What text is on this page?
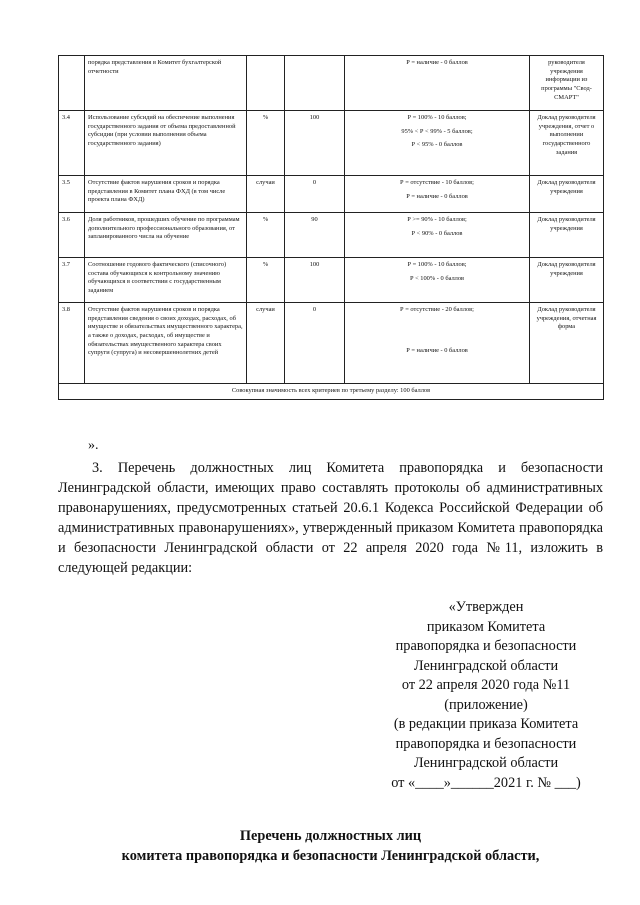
	порядка представления в Комитет бухгалтерской отчетности			Р = наличие - 0 баллов	руководителя учреждения информации из программы "Свод-СМАРТ"
3.4	Использование субсидий на обеспечение выполнения государственного задания от объема предоставленной субсидии (при условии выполнения объема государственного задания)	%	100	Р = 100% - 10 баллов;

95% < Р < 99% - 5 баллов;

Р < 95% - 0 баллов	Доклад руководителя учреждения, отчет о выполнении государственного задания
3.5	Отсутствие фактов нарушения сроков и порядка представления в Комитет плана ФХД (в том числе проекта плана ФХД)	случаи	0	Р = отсутствие - 10 баллов;

Р = наличие - 0 баллов	Доклад руководителя учреждения
3.6	Доля работников, прошедших обучение по программам дополнительного профессионального образования, от запланированного числа на обучение	%	90	Р >= 90% - 10 баллов;

Р < 90% - 0 баллов	Доклад руководителя учреждения
3.7	Соотношение годового фактического (списочного) состава обучающихся к контрольному значению обучающихся в соответствии с государственным заданием	%	100	Р = 100% - 10 баллов;

Р < 100% - 0 баллов	Доклад руководителя учреждения
3.8	Отсутствие фактов нарушения сроков и порядка представления сведения о своих доходах, расходах, об имуществе и обязательствах имущественного характера, а также о доходах, расходах, об имуществе и обязательствах имущественного характера своих супруги (супруга) и несовершеннолетних детей	случаи	0	Р = отсутствие - 20 баллов;

Р = наличие - 0 баллов	Доклад руководителя учреждения, отчетная форма
Совокупная значимость всех критериев по третьему разделу: 100 баллов					
».

3. Перечень должностных лиц Комитета правопорядка и безопасности Ленинградской области, имеющих право составлять протоколы об административных правонарушениях, предусмотренных статьей 20.6.1 Кодекса Российской Федерации об административных правонарушениях», утвержденный приказом Комитета правопорядка и безопасности Ленинградской области от 22 апреля 2020 года №11, изложить в следующей редакции:

«Утвержден
приказом Комитета
правопорядка и безопасности
Ленинградской области
от 22 апреля 2020 года №11
(приложение)
(в редакции приказа Комитета
правопорядка и безопасности
Ленинградской области
от «____»______2021 г. № ___)
Перечень должностных лиц
комитета правопорядка и безопасности Ленинградской области,
